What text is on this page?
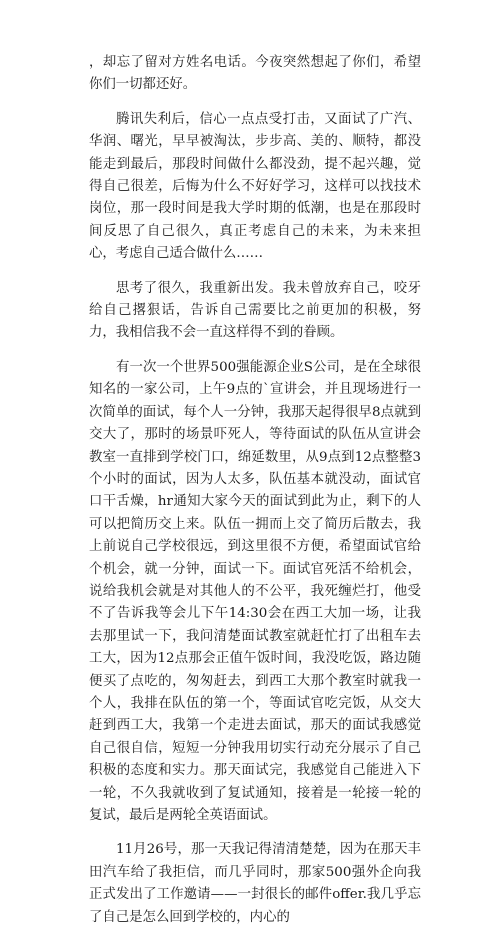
，却忘了留对方姓名电话。今夜突然想起了你们，希望你们一切都还好。

腾讯失利后，信心一点点受打击，又面试了广汽、华润、曙光，早早被淘汰，步步高、美的、顺特，都没能走到最后，那段时间做什么都没劲，提不起兴趣，觉得自己很差，后悔为什么不好好学习，这样可以找技术岗位，那一段时间是我大学时期的低潮，也是在那段时间反思了自己很久，真正考虑自己的未来，为未来担心，考虑自己适合做什么……

思考了很久，我重新出发。我未曾放弃自己，咬牙给自己撂狠话，告诉自己需要比之前更加的积极，努力，我相信我不会一直这样得不到的眷顾。

有一次一个世界500强能源企业S公司，是在全球很知名的一家公司，上午9点的`宣讲会，并且现场进行一次简单的面试，每个人一分钟，我那天起得很早8点就到交大了，那时的场景吓死人，等待面试的队伍从宣讲会教室一直排到学校门口，绵延数里，从9点到12点整整3个小时的面试，因为人太多，队伍基本就没动，面试官口干舌燥，hr通知大家今天的面试到此为止，剩下的人可以把简历交上来。队伍一拥而上交了简历后散去，我上前说自己学校很远，到这里很不方便，希望面试官给个机会，就一分钟，面试一下。面试官死活不给机会，说给我机会就是对其他人的不公平，我死缠烂打，他受不了告诉我等会儿下午14:30会在西工大加一场，让我去那里试一下，我问清楚面试教室就赶忙打了出租车去工大，因为12点那会正值午饭时间，我没吃饭，路边随便买了点吃的，匆匆赶去，到西工大那个教室时就我一个人，我排在队伍的第一个，等面试官吃完饭，从交大赶到西工大，我第一个走进去面试，那天的面试我感觉自己很自信，短短一分钟我用切实行动充分展示了自己积极的态度和实力。那天面试完，我感觉自己能进入下一轮，不久我就收到了复试通知，接着是一轮接一轮的复试，最后是两轮全英语面试。

11月26号，那一天我记得清清楚楚，因为在那天丰田汽车给了我拒信，而几乎同时，那家500强外企向我正式发出了工作邀请——一封很长的邮件offer.我几乎忘了自己是怎么回到学校的，内心的
